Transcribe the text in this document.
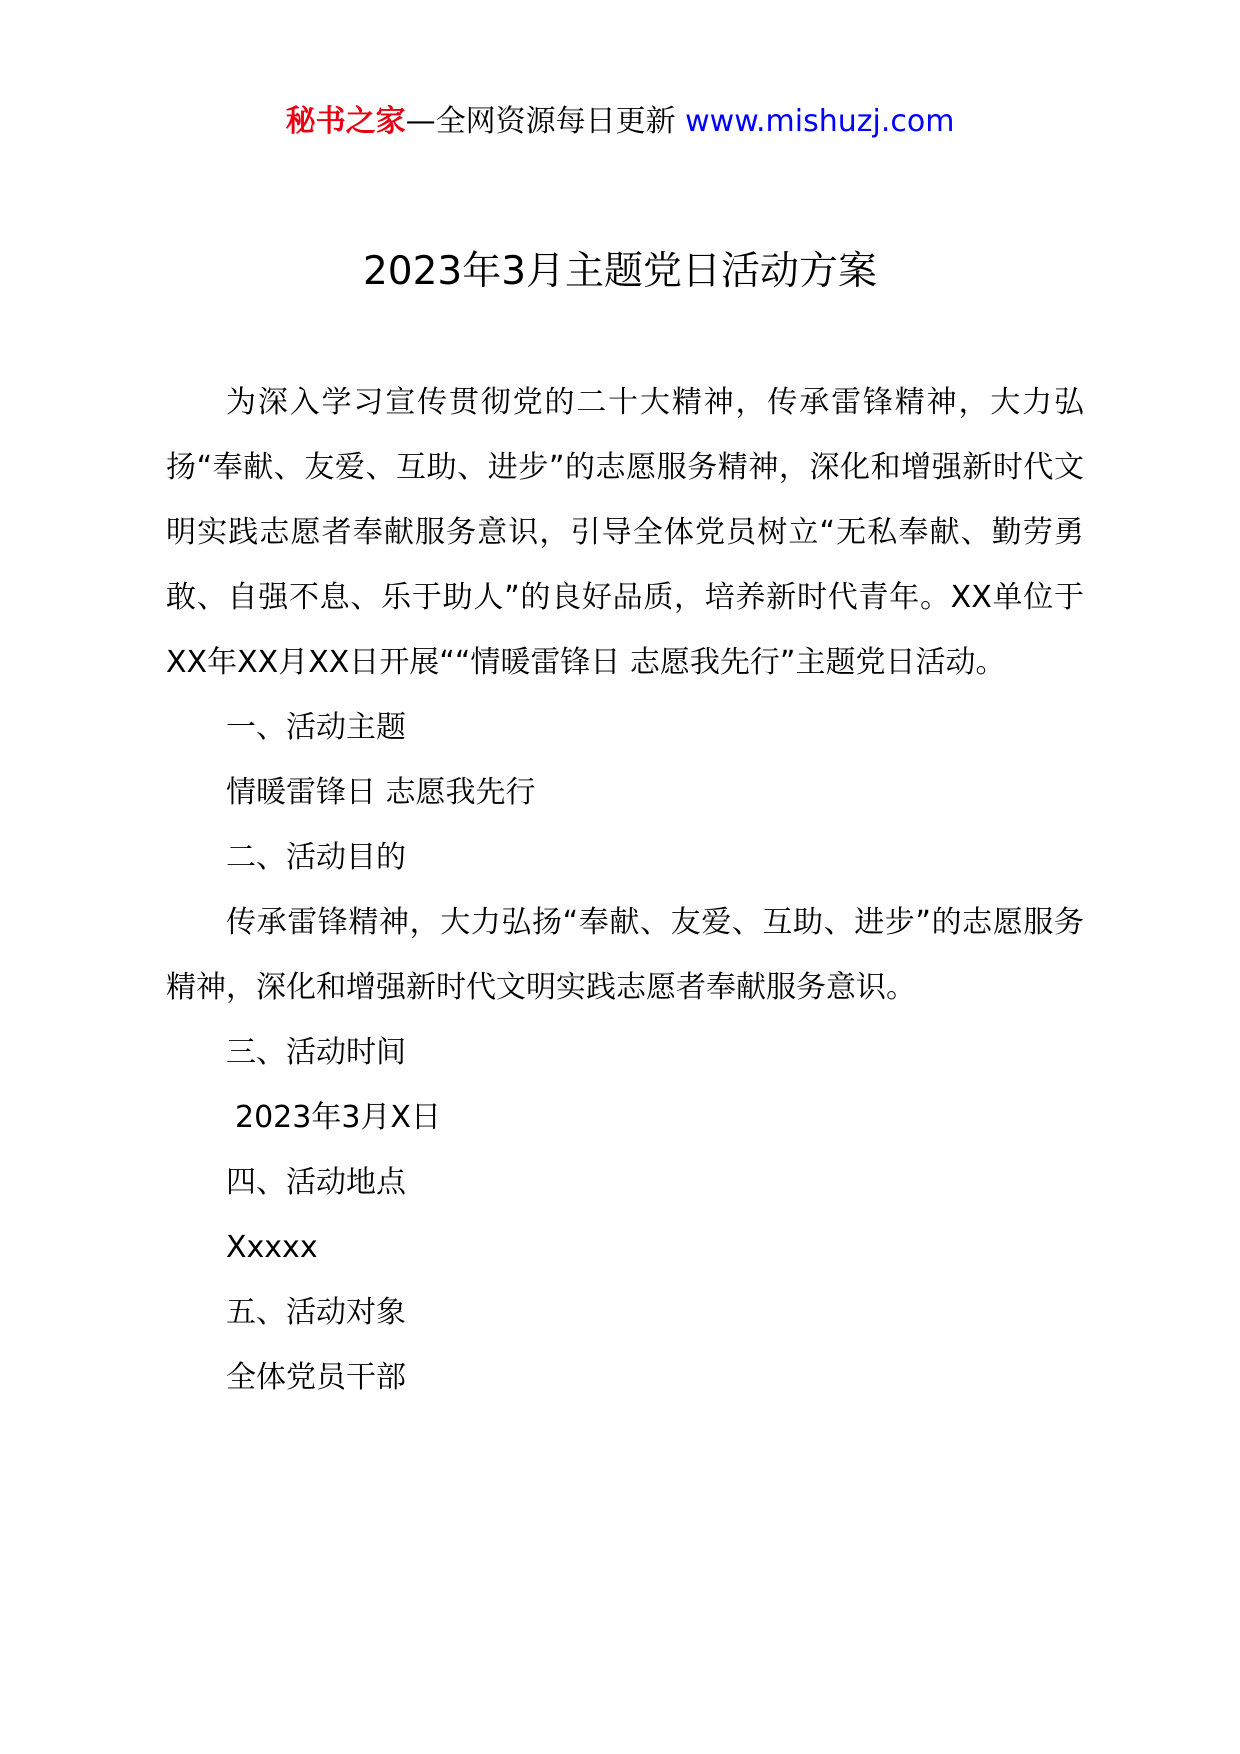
秘书之家—全网资源每日更新 www.mishuzj.com
2023年3月主题党日活动方案

为深入学习宣传贯彻党的二十大精神，传承雷锋精神，大力弘扬“奉献、友爱、互助、进步”的志愿服务精神，深化和增强新时代文明实践志愿者奉献服务意识，引导全体党员树立“无私奉献、勤劳勇敢、自强不息、乐于助人”的良好品质，培养新时代青年。XX单位于XX年XX月XX日开展““情暖雷锋日 志愿我先行”主题党日活动。

一、活动主题

情暖雷锋日 志愿我先行

二、活动目的

传承雷锋精神，大力弘扬“奉献、友爱、互助、进步”的志愿服务精神，深化和增强新时代文明实践志愿者奉献服务意识。

三、活动时间

2023年3月X日

四、活动地点

Xxxxx

五、活动对象

全体党员干部
